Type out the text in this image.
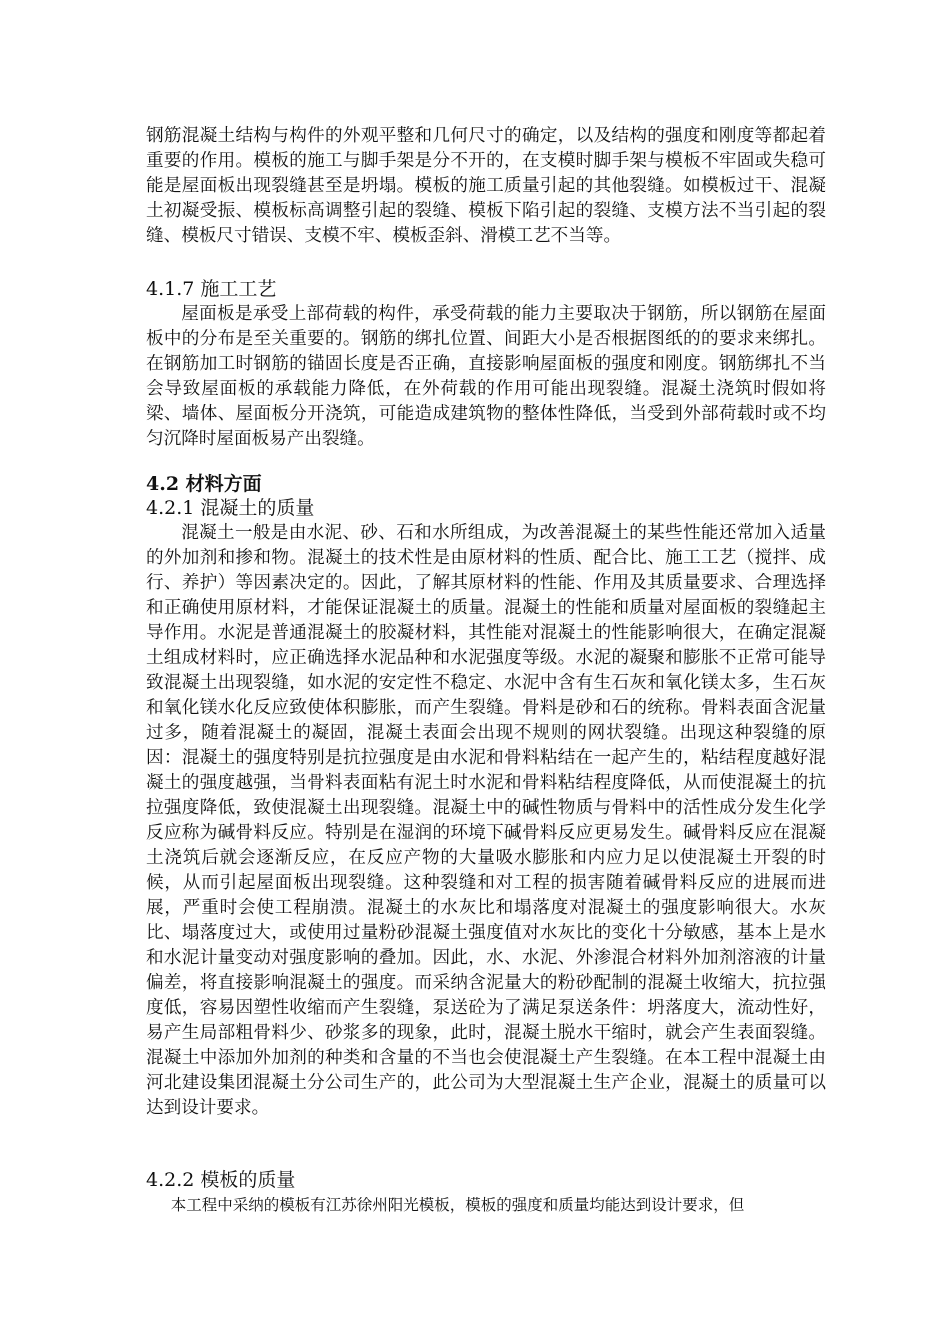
钢筋混凝土结构与构件的外观平整和几何尺寸的确定，以及结构的强度和刚度等都起着重要的作用。模板的施工与脚手架是分不开的，在支模时脚手架与模板不牢固或失稳可能是屋面板出现裂缝甚至是坍塌。模板的施工质量引起的其他裂缝。如模板过干、混凝土初凝受振、模板标高调整引起的裂缝、模板下陷引起的裂缝、支模方法不当引起的裂缝、模板尺寸错误、支模不牢、模板歪斜、滑模工艺不当等。

4.1.7 施工工艺

屋面板是承受上部荷载的构件，承受荷载的能力主要取决于钢筋，所以钢筋在屋面板中的分布是至关重要的。钢筋的绑扎位置、间距大小是否根据图纸的的要求来绑扎。在钢筋加工时钢筋的锚固长度是否正确，直接影响屋面板的强度和刚度。钢筋绑扎不当会导致屋面板的承载能力降低，在外荷载的作用可能出现裂缝。混凝土浇筑时假如将梁、墙体、屋面板分开浇筑，可能造成建筑物的整体性降低，当受到外部荷载时或不均匀沉降时屋面板易产出裂缝。

4.2 材料方面
4.2.1 混凝土的质量

混凝土一般是由水泥、砂、石和水所组成，为改善混凝土的某些性能还常加入适量的外加剂和掺和物。混凝土的技术性是由原材料的性质、配合比、施工工艺（搅拌、成行、养护）等因素决定的。因此，了解其原材料的性能、作用及其质量要求、合理选择和正确使用原材料，才能保证混凝土的质量。混凝土的性能和质量对屋面板的裂缝起主导作用。水泥是普通混凝土的胶凝材料，其性能对混凝土的性能影响很大，在确定混凝土组成材料时，应正确选择水泥品种和水泥强度等级。水泥的凝聚和膨胀不正常可能导致混凝土出现裂缝，如水泥的安定性不稳定、水泥中含有生石灰和氧化镁太多，生石灰和氧化镁水化反应致使体积膨胀，而产生裂缝。骨料是砂和石的统称。骨料表面含泥量过多，随着混凝土的凝固，混凝土表面会出现不规则的网状裂缝。出现这种裂缝的原因：混凝土的强度特别是抗拉强度是由水泥和骨料粘结在一起产生的，粘结程度越好混凝土的强度越强，当骨料表面粘有泥土时水泥和骨料粘结程度降低，从而使混凝土的抗拉强度降低，致使混凝土出现裂缝。混凝土中的碱性物质与骨料中的活性成分发生化学反应称为碱骨料反应。特别是在湿润的环境下碱骨料反应更易发生。碱骨料反应在混凝土浇筑后就会逐渐反应，在反应产物的大量吸水膨胀和内应力足以使混凝土开裂的时候，从而引起屋面板出现裂缝。这种裂缝和对工程的损害随着碱骨料反应的进展而进展，严重时会使工程崩溃。混凝土的水灰比和塌落度对混凝土的强度影响很大。水灰比、塌落度过大，或使用过量粉砂混凝土强度值对水灰比的变化十分敏感，基本上是水和水泥计量变动对强度影响的叠加。因此，水、水泥、外渗混合材料外加剂溶液的计量偏差，将直接影响混凝土的强度。而采纳含泥量大的粉砂配制的混凝土收缩大，抗拉强度低，容易因塑性收缩而产生裂缝，泵送砼为了满足泵送条件：坍落度大，流动性好，易产生局部粗骨料少、砂浆多的现象，此时，混凝土脱水干缩时，就会产生表面裂缝。混凝土中添加外加剂的种类和含量的不当也会使混凝土产生裂缝。在本工程中混凝土由河北建设集团混凝土分公司生产的，此公司为大型混凝土生产企业，混凝土的质量可以达到设计要求。

4.2.2 模板的质量

本工程中采纳的模板有江苏徐州阳光模板，模板的强度和质量均能达到设计要求，但
